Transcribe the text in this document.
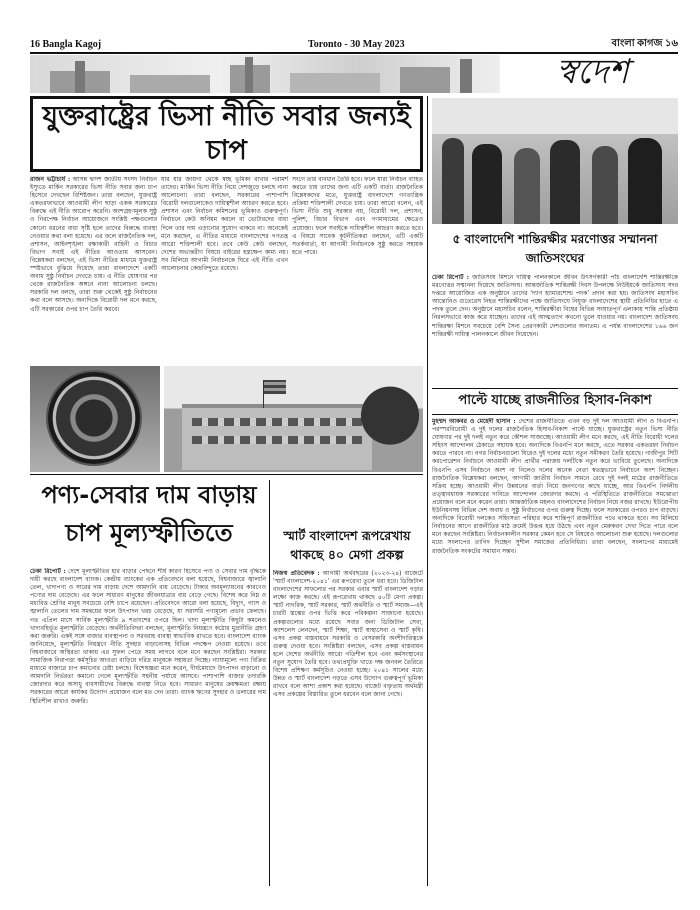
16 Bangla Kagoj	Toronto - 30 May 2023	বাংলা কাগজ ১৬
স্বদেশ
যুক্তরাষ্ট্রের ভিসা নীতি সবার জন্যই চাপ
রাজন ভট্টাচার্য : আসন্ন দ্বাদশ জাতীয় সংসদ নির্বাচন ইস্যুতে মার্কিন সরকারের ভিসা নীতি সবার জন্য চাপ হিসেবে দেখছেন বিশিষ্টজন। তারা বলছেন, যুক্তরাষ্ট্র একতরফাভাবে আওয়ামী লীগ ছাড়া একক সরকারের বিরুদ্ধে এই নীতি আরোপ করেনি। অংশগ্রহণমূলক সুষ্ঠু ও নিরপেক্ষ নির্বাচন আয়োজনে সংশ্লিষ্ট পক্ষগুলোর কোনো ধরনের বাধা সৃষ্টি হলে তাদের বিরুদ্ধে ব্যবস্থা নেওয়ার কথা বলা হয়েছে। এর ফলে রাজনৈতিক দল, প্রশাসন, আইনশৃঙ্খলা রক্ষাকারী বাহিনী ও বিচার বিভাগ সবাই এই নীতির আওতায় আসবেন। বিশ্লেষকরা বলছেন, এই ভিসা নীতির মাধ্যমে যুক্তরাষ্ট্র স্পষ্টভাবে বুঝিয়ে দিয়েছে তারা বাংলাদেশে একটি অবাধ সুষ্ঠু নির্বাচন দেখতে চায়। এ নীতি ঘোষণার পর থেকে রাজনৈতিক অঙ্গনে নানা আলোচনা চলছে। সরকারি দল বলছে, তারা শুরু থেকেই সুষ্ঠু নির্বাচনের কথা বলে আসছে। অন্যদিকে বিরোধী দল মনে করছে, এটি সরকারের ওপর চাপ তৈরি করবে।
যার যার জায়গা থেকে স্বচ্ছ ভূমিকা রাখার পরামর্শ তাদের। মার্কিন ভিসা নীতি নিয়ে দেশজুড়ে চলছে নানা আলোচনা। তারা বলছেন, সরকারের পাশাপাশি বিরোধী দলগুলোকেও দায়িত্বশীল আচরণ করতে হবে। প্রশাসন এবং নির্বাচন কমিশনের ভূমিকাও গুরুত্বপূর্ণ। নির্বাচনে কেউ অনিয়ম করলে বা ভোটারদের বাধা দিলে তার দায় এড়ানোর সুযোগ থাকবে না। অনেকেই মনে করছেন, এ নীতির মাধ্যমে বাংলাদেশের গণতন্ত্র আরো শক্তিশালী হবে। তবে কেউ কেউ বলছেন, দেশের অভ্যন্তরীণ বিষয়ে বাইরের হস্তক্ষেপ কাম্য নয়। সব মিলিয়ে আগামী নির্বাচনকে ঘিরে এই নীতি এখন আলোচনার কেন্দ্রবিন্দুতে রয়েছে।
সংগে তার ব্যবধান তৈরি হবে। ফলে যারা নির্বাচন ব্যাহত করতে চায় তাদের জন্য এটি একটি বার্তা। রাজনৈতিক বিশ্লেষকদের মতে, যুক্তরাষ্ট্র বাংলাদেশে গণতান্ত্রিক প্রক্রিয়া শক্তিশালী দেখতে চায়। তারা আরো বলেন, এই ভিসা নীতি শুধু সরকার নয়, বিরোধী দল, প্রশাসন, পুলিশ, বিচার বিভাগ এবং গণমাধ্যমের ক্ষেত্রেও প্রযোজ্য। ফলে সবাইকে দায়িত্বশীল আচরণ করতে হবে। এ বিষয়ে সাবেক কূটনীতিকরা বলছেন, এটি একটি সতর্কবার্তা, যা আগামী নির্বাচনকে সুষ্ঠু করতে সহায়ক হতে পারে।
পণ্য-সেবার দাম বাড়ায় চাপ মূল্যস্ফীতিতে	স্মার্ট বাংলাদেশ রূপরেখায় থাকছে ৪০ মেগা প্রকল্প
ঢেকা রিপোর্ট : দেশে মূল্যস্ফীতির হার বাড়ার পেছনে শীর্ষ কারণ হিসেবে পণ্য ও সেবার দাম বৃদ্ধিকে দায়ী করছে বাংলাদেশ ব্যাংক। কেন্দ্রীয় ব্যাংকের এক প্রতিবেদনে বলা হয়েছে, বিশ্ববাজারে জ্বালানি তেল, খাদ্যপণ্য ও সারের দাম বাড়ায় দেশে আমদানি ব্যয় বেড়েছে। টাকার অবমূল্যায়নের কারণেও পণ্যের দাম বেড়েছে। এর ফলে সাধারণ মানুষের জীবনযাত্রার ব্যয় বেড়ে গেছে। বিশেষ করে নিম্ন ও মধ্যবিত্ত শ্রেণির মানুষ সবচেয়ে বেশি চাপে রয়েছেন। প্রতিবেদনে আরো বলা হয়েছে, বিদ্যুৎ, গ্যাস ও জ্বালানি তেলের দাম সমন্বয়ের ফলে উৎপাদন খরচ বেড়েছে, যা সরাসরি পণ্যমূল্যে প্রভাব ফেলছে। গত এপ্রিল মাসে সার্বিক মূল্যস্ফীতি ৯ শতাংশের ওপরে ছিল। খাদ্য মূল্যস্ফীতি কিছুটা কমলেও খাদ্যবহির্ভূত মূল্যস্ফীতি বেড়েছে। অর্থনীতিবিদরা বলছেন, মূল্যস্ফীতি নিয়ন্ত্রণে কঠোর মুদ্রানীতি গ্রহণ করা জরুরি। একই সঙ্গে বাজার ব্যবস্থাপনা ও সরবরাহ ব্যবস্থা স্বাভাবিক রাখতে হবে। বাংলাদেশ ব্যাংক জানিয়েছে, মূল্যস্ফীতি নিয়ন্ত্রণে নীতি সুদহার বাড়ানোসহ বিভিন্ন পদক্ষেপ নেওয়া হয়েছে। তবে বিশ্ববাজারে অস্থিরতা থাকায় এর সুফল পেতে সময় লাগবে বলে মনে করছেন সংশ্লিষ্টরা। সরকার সামাজিক নিরাপত্তা কর্মসূচির আওতা বাড়িয়ে দরিদ্র মানুষকে সহায়তা দিচ্ছে। ন্যায্যমূল্যে পণ্য বিক্রির মাধ্যমে বাজারে চাপ কমানোর চেষ্টা চলছে। বিশেষজ্ঞরা মনে করেন, দীর্ঘমেয়াদে উৎপাদন বাড়ানো ও আমদানি নির্ভরতা কমানো গেলে মূল্যস্ফীতি সহনীয় পর্যায়ে আসবে। পাশাপাশি বাজার তদারকি জোরদার করে অসাধু ব্যবসায়ীদের বিরুদ্ধে ব্যবস্থা নিতে হবে। সাধারণ মানুষের ক্রয়ক্ষমতা রক্ষায় সরকারের আরো কার্যকর উদ্যোগ প্রয়োজন বলে মত দেন তারা। ব্যাংক ঋণের সুদহার ও ডলারের দাম স্থিতিশীল রাখাও জরুরি।
নিজস্ব প্রতিবেদক : আগামী অর্থবছরের (২০২৩-২৪) বাজেটে 'স্মার্ট বাংলাদেশ-২০৪১' এর রূপরেখা তুলে ধরা হবে। ডিজিটাল বাংলাদেশের সাফল্যের পর সরকার এবার স্মার্ট বাংলাদেশ গড়ার লক্ষ্যে কাজ করছে। এই রূপরেখায় থাকছে ৪০টি মেগা প্রকল্প। স্মার্ট নাগরিক, স্মার্ট সরকার, স্মার্ট অর্থনীতি ও স্মার্ট সমাজ—এই চারটি স্তম্ভের ওপর ভিত্তি করে পরিকল্পনা সাজানো হয়েছে। প্রকল্পগুলোর মধ্যে রয়েছে সবার জন্য ডিজিটাল সেবা, ক্যাশলেস লেনদেন, স্মার্ট শিক্ষা, স্মার্ট স্বাস্থ্যসেবা ও স্মার্ট কৃষি। এসব প্রকল্প বাস্তবায়নে সরকারি ও বেসরকারি অংশীদারিত্বকে গুরুত্ব দেওয়া হবে। সংশ্লিষ্টরা বলছেন, এসব প্রকল্প বাস্তবায়ন হলে দেশের অর্থনীতি আরো গতিশীল হবে এবং কর্মসংস্থানের নতুন সুযোগ তৈরি হবে। তথ্যপ্রযুক্তি খাতে দক্ষ জনবল তৈরিতে বিশেষ প্রশিক্ষণ কর্মসূচিও নেওয়া হচ্ছে। ২০৪১ সালের মধ্যে উন্নত ও স্মার্ট বাংলাদেশ গড়তে এসব উদ্যোগ গুরুত্বপূর্ণ ভূমিকা রাখবে বলে আশা প্রকাশ করা হয়েছে। বাজেট বক্তৃতায় অর্থমন্ত্রী এসব প্রকল্পের বিস্তারিত তুলে ধরবেন বলে জানা গেছে।
৫ বাংলাদেশি শান্তিরক্ষীর মরণোত্তর সম্মাননা জাতিসংঘের
ঢেকা রিপোর্ট : জাতিসংঘ মিশনে দায়িত্ব পালনকালে জীবন উৎসর্গকারী পাঁচ বাংলাদেশি শান্তিরক্ষীকে মরণোত্তর সম্মাননা দিয়েছে জাতিসংঘ। আন্তর্জাতিক শান্তিরক্ষী দিবস উপলক্ষে নিউইয়র্কে জাতিসংঘ সদর দপ্তরে আয়োজিত এক অনুষ্ঠানে তাদের 'দ্যাগ হ্যামারশোল্ড পদক' প্রদান করা হয়। জাতিসংঘ মহাসচিব আন্তোনিও গুতেরেস নিহত শান্তিরক্ষীদের পক্ষে জাতিসংঘে নিযুক্ত বাংলাদেশের স্থায়ী প্রতিনিধির হাতে এ পদক তুলে দেন। অনুষ্ঠানে মহাসচিব বলেন, শান্তিরক্ষীরা বিশ্বের বিভিন্ন সংঘাতপূর্ণ এলাকায় শান্তি প্রতিষ্ঠায় নিরলসভাবে কাজ করে যাচ্ছেন। তাদের এই আত্মত্যাগ কখনো ভুলে যাওয়ার নয়। বাংলাদেশ জাতিসংঘ শান্তিরক্ষা মিশনে সবচেয়ে বেশি সৈন্য প্রেরণকারী দেশগুলোর অন্যতম। এ পর্যন্ত বাংলাদেশের ১৬৬ জন শান্তিরক্ষী দায়িত্ব পালনকালে জীবন দিয়েছেন।
পাল্টে যাচ্ছে রাজনীতির হিসাব-নিকাশ
মুহম্মদ আকবর ও মেহেদী হাসান : দেশের রাজনীতিতে এখন বড় দুই দল আওয়ামী লীগ ও বিএনপি। পরস্পরবিরোধী এ দুই দলের রাজনৈতিক হিসাব-নিকাশ পাল্টে যাচ্ছে। যুক্তরাষ্ট্রের নতুন ভিসা নীতি ঘোষণার পর দুই দলই নতুন করে কৌশল সাজাচ্ছে। আওয়ামী লীগ মনে করছে, এই নীতি বিরোধী দলের সহিংস আন্দোলন ঠেকাতে সহায়ক হবে। অন্যদিকে বিএনপি মনে করছে, এতে সরকার একতরফা নির্বাচন করতে পারবে না। নগর নির্বাচনগুলো ঘিরেও দুই দলের মধ্যে নতুন সমীকরণ তৈরি হয়েছে। গাজীপুর সিটি করপোরেশন নির্বাচনে আওয়ামী লীগ প্রার্থীর পরাজয় দলটিকে নতুন করে ভাবিয়ে তুলেছে। অন্যদিকে বিএনপি এসব নির্বাচনে অংশ না নিলেও দলের অনেক নেতা স্বতন্ত্রভাবে নির্বাচনে অংশ নিচ্ছেন। রাজনৈতিক বিশ্লেষকরা বলছেন, আগামী জাতীয় নির্বাচন সামনে রেখে দুই দলই মাঠের রাজনীতিতে সক্রিয় হচ্ছে। আওয়ামী লীগ উন্নয়নের বার্তা নিয়ে জনগণের কাছে যাচ্ছে, আর বিএনপি নির্দলীয় তত্ত্বাবধায়ক সরকারের দাবিতে আন্দোলন জোরদার করছে। এ পরিস্থিতিতে রাজনীতিতে সমঝোতা প্রয়োজন বলে মনে করেন তারা। আন্তর্জাতিক মহলও বাংলাদেশের নির্বাচন নিয়ে নজর রাখছে। ইউরোপীয় ইউনিয়নসহ বিভিন্ন দেশ অবাধ ও সুষ্ঠু নির্বাচনের ওপর গুরুত্ব দিচ্ছে। ফলে সরকারের ওপরও চাপ বাড়ছে। অন্যদিকে বিরোধী দলকেও সহিংসতা পরিহার করে শান্তিপূর্ণ রাজনীতির পথে থাকতে হবে। সব মিলিয়ে নির্বাচনের আগে রাজনীতির মাঠ ক্রমেই উত্তপ্ত হয়ে উঠছে এবং নতুন মেরুকরণ দেখা দিতে পারে বলে মনে করছেন সংশ্লিষ্টরা। নির্বাচনকালীন সরকার কেমন হবে সে বিষয়েও আলোচনা শুরু হয়েছে। দলগুলোর মধ্যে সংলাপের তাগিদ দিচ্ছেন সুশীল সমাজের প্রতিনিধিরা। তারা বলছেন, সংলাপের মাধ্যমেই রাজনৈতিক সংকটের সমাধান সম্ভব।
